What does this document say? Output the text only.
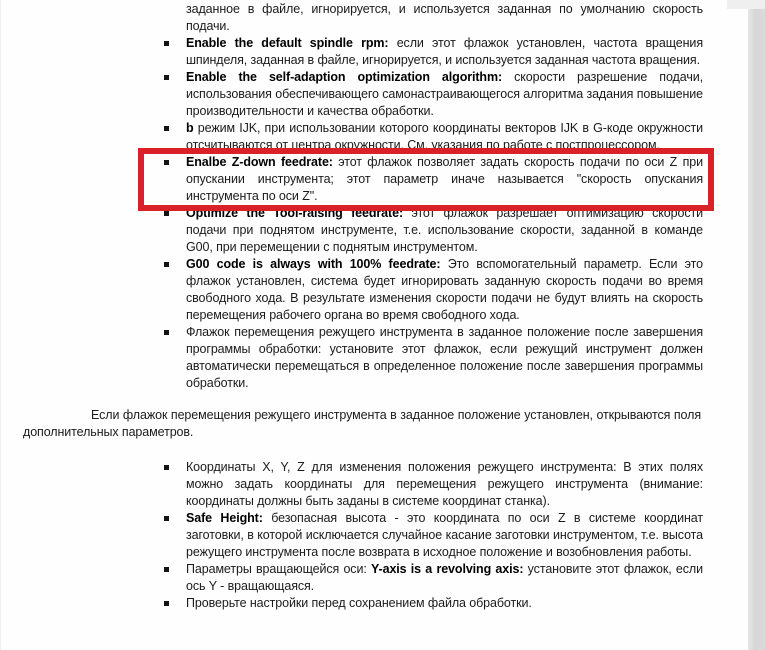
заданное в файле, игнорируется, и используется заданная по умолчанию скорость подачи.
Enable the default spindle rpm: если этот флажок установлен, частота вращения шпинделя, заданная в файле, игнорируется, и используется заданная частота вращения.
Enable the self-adaption optimization algorithm: скорости разрешение подачи, использования обеспечивающего самонастраивающегося алгоритма задания повышение производительности и качества обработки.
b режим IJK, при использовании которого координаты векторов IJK в G-коде окружности отсчитываются от центра окружности. См. указания по работе с постпроцессором.
Enalbe Z-down feedrate: этот флажок позволяет задать скорость подачи по оси Z при опускании инструмента; этот параметр иначе называется "скорость опускания инструмента по оси Z".
Optimize the Tool-raising feedrate: этот флажок разрешает оптимизацию скорости подачи при поднятом инструменте, т.е. использование скорости, заданной в команде G00, при перемещении с поднятым инструментом.
G00 code is always with 100% feedrate: Это вспомогательный параметр. Если это флажок установлен, система будет игнорировать заданную скорость подачи во время свободного хода. В результате изменения скорости подачи не будут влиять на скорость перемещения рабочего органа во время свободного хода.
Флажок перемещения режущего инструмента в заданное положение после завершения программы обработки: установите этот флажок, если режущий инструмент должен автоматически перемещаться в определенное положение после завершения программы обработки.
Если флажок перемещения режущего инструмента в заданное положение установлен, открываются поля дополнительных параметров.
Координаты X, Y, Z для изменения положения режущего инструмента: В этих полях можно задать координаты для перемещения режущего инструмента (внимание: координаты должны быть заданы в системе координат станка).
Safe Height: безопасная высота - это координата по оси Z в системе координат заготовки, в которой исключается случайное касание заготовки инструментом, т.е. высота режущего инструмента после возврата в исходное положение и возобновления работы.
Параметры вращающейся оси: Y-axis is a revolving axis: установите этот флажок, если ось Y - вращающаяся.
Проверьте настройки перед сохранением файла обработки.
